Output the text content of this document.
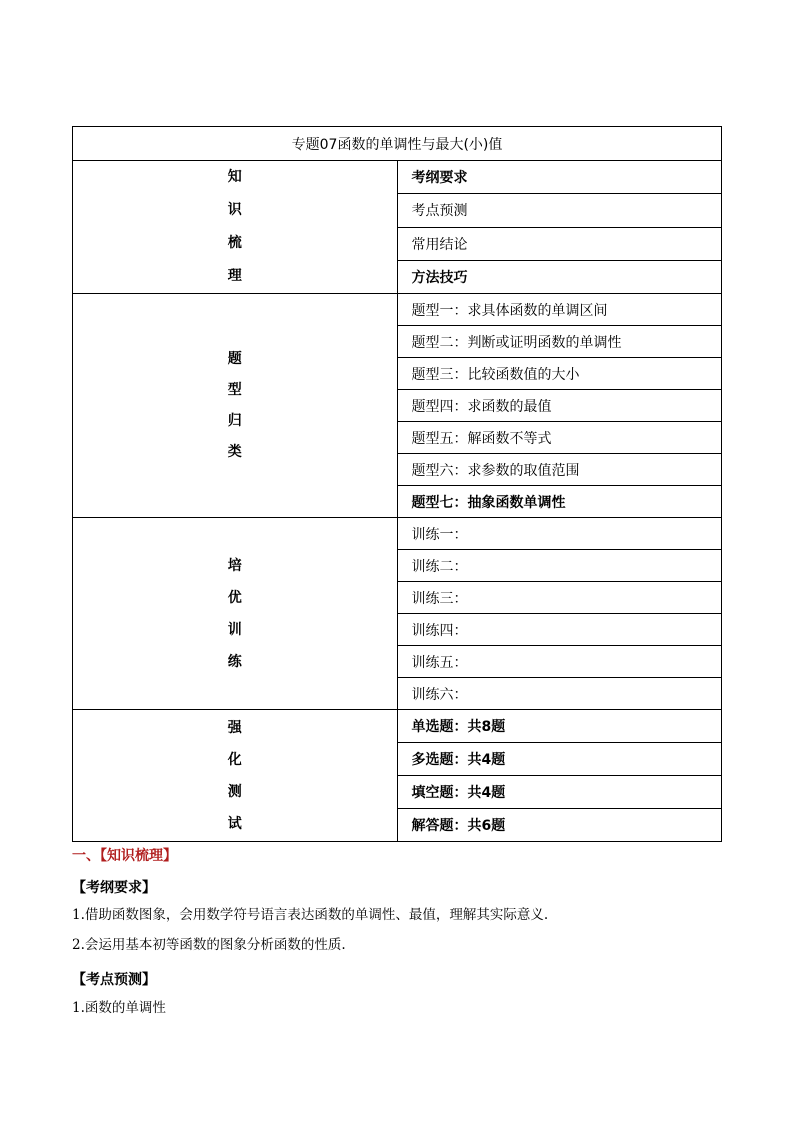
专题07函数的单调性与最大(小)值	

知
识
梳
理	考纲要求
	考点预测
	常用结论
	方法技巧

题
型
归
类	题型一：求具体函数的单调区间
	题型二：判断或证明函数的单调性
	题型三：比较函数值的大小
	题型四：求函数的最值
	题型五：解函数不等式
	题型六：求参数的取值范围
	题型七：抽象函数单调性

培
优
训
练	训练一：
	训练二：
	训练三：
	训练四：
	训练五：
	训练六：

强
化
测
试	单选题：共8题
	多选题：共4题
	填空题：共4题
	解答题：共6题
一、【知识梳理】
【考纲要求】
1.借助函数图象，会用数学符号语言表达函数的单调性、最值，理解其实际意义.
2.会运用基本初等函数的图象分析函数的性质.
【考点预测】
1.函数的单调性
